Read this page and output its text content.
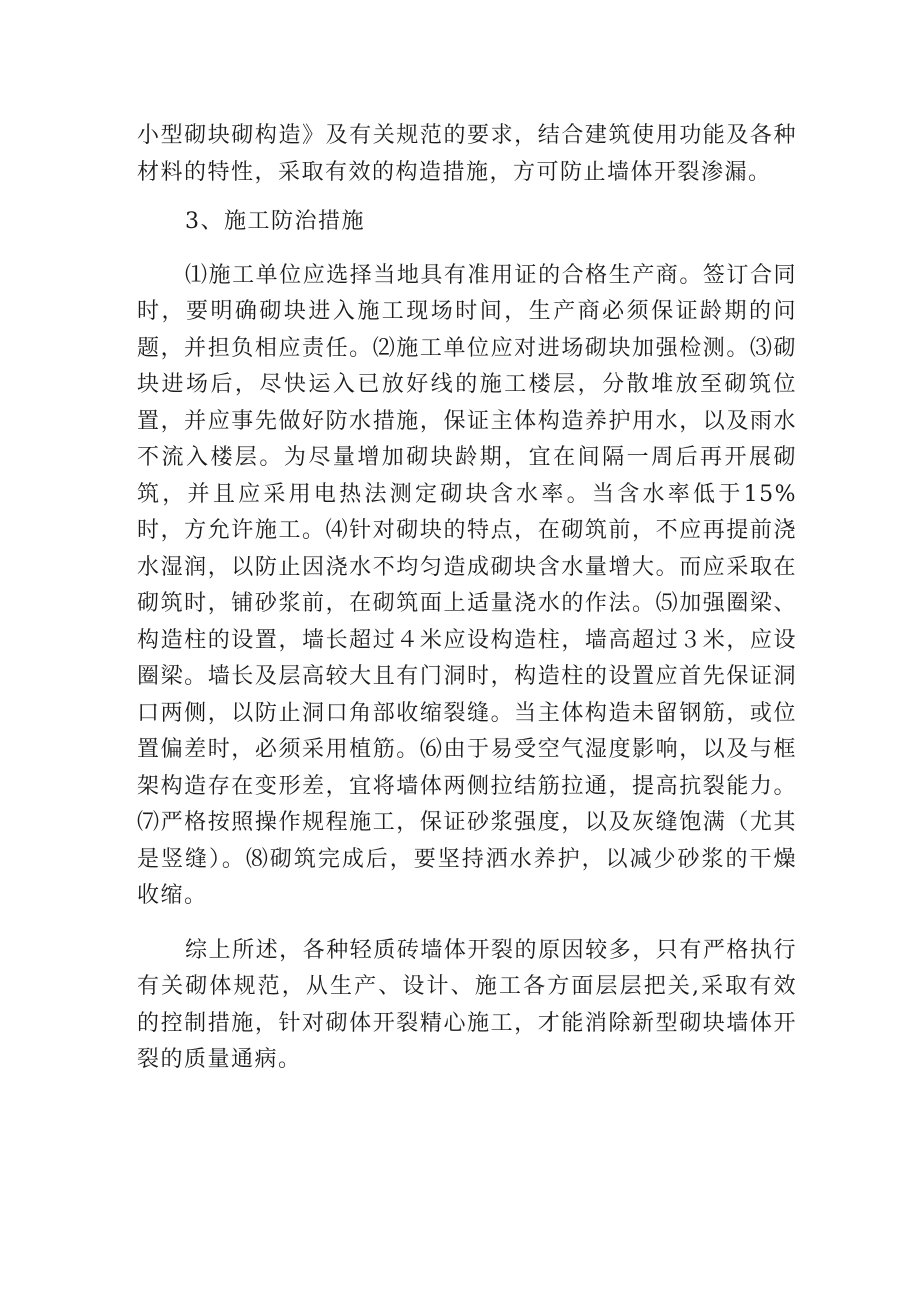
小型砌块砌构造》及有关规范的要求，结合建筑使用功能及各种材料的特性，采取有效的构造措施，方可防止墙体开裂渗漏。

3、施工防治措施

⑴施工单位应选择当地具有准用证的合格生产商。签订合同时，要明确砌块进入施工现场时间，生产商必须保证龄期的问题，并担负相应责任。⑵施工单位应对进场砌块加强检测。⑶砌块进场后，尽快运入已放好线的施工楼层，分散堆放至砌筑位置，并应事先做好防水措施，保证主体构造养护用水，以及雨水不流入楼层。为尽量增加砌块龄期，宜在间隔一周后再开展砌筑，并且应采用电热法测定砌块含水率。当含水率低于15%时，方允许施工。⑷针对砌块的特点，在砌筑前，不应再提前浇水湿润，以防止因浇水不均匀造成砌块含水量增大。而应采取在砌筑时，铺砂浆前，在砌筑面上适量浇水的作法。⑸加强圈梁、构造柱的设置，墙长超过４米应设构造柱，墙高超过３米，应设圈梁。墙长及层高较大且有门洞时，构造柱的设置应首先保证洞口两侧，以防止洞口角部收缩裂缝。当主体构造未留钢筋，或位置偏差时，必须采用植筋。⑹由于易受空气湿度影响，以及与框架构造存在变形差，宜将墙体两侧拉结筋拉通，提高抗裂能力。⑺严格按照操作规程施工，保证砂浆强度，以及灰缝饱满（尤其是竖缝）。⑻砌筑完成后，要坚持洒水养护，以减少砂浆的干燥收缩。

综上所述，各种轻质砖墙体开裂的原因较多，只有严格执行有关砌体规范，从生产、设计、施工各方面层层把关,采取有效的控制措施，针对砌体开裂精心施工，才能消除新型砌块墙体开裂的质量通病。
